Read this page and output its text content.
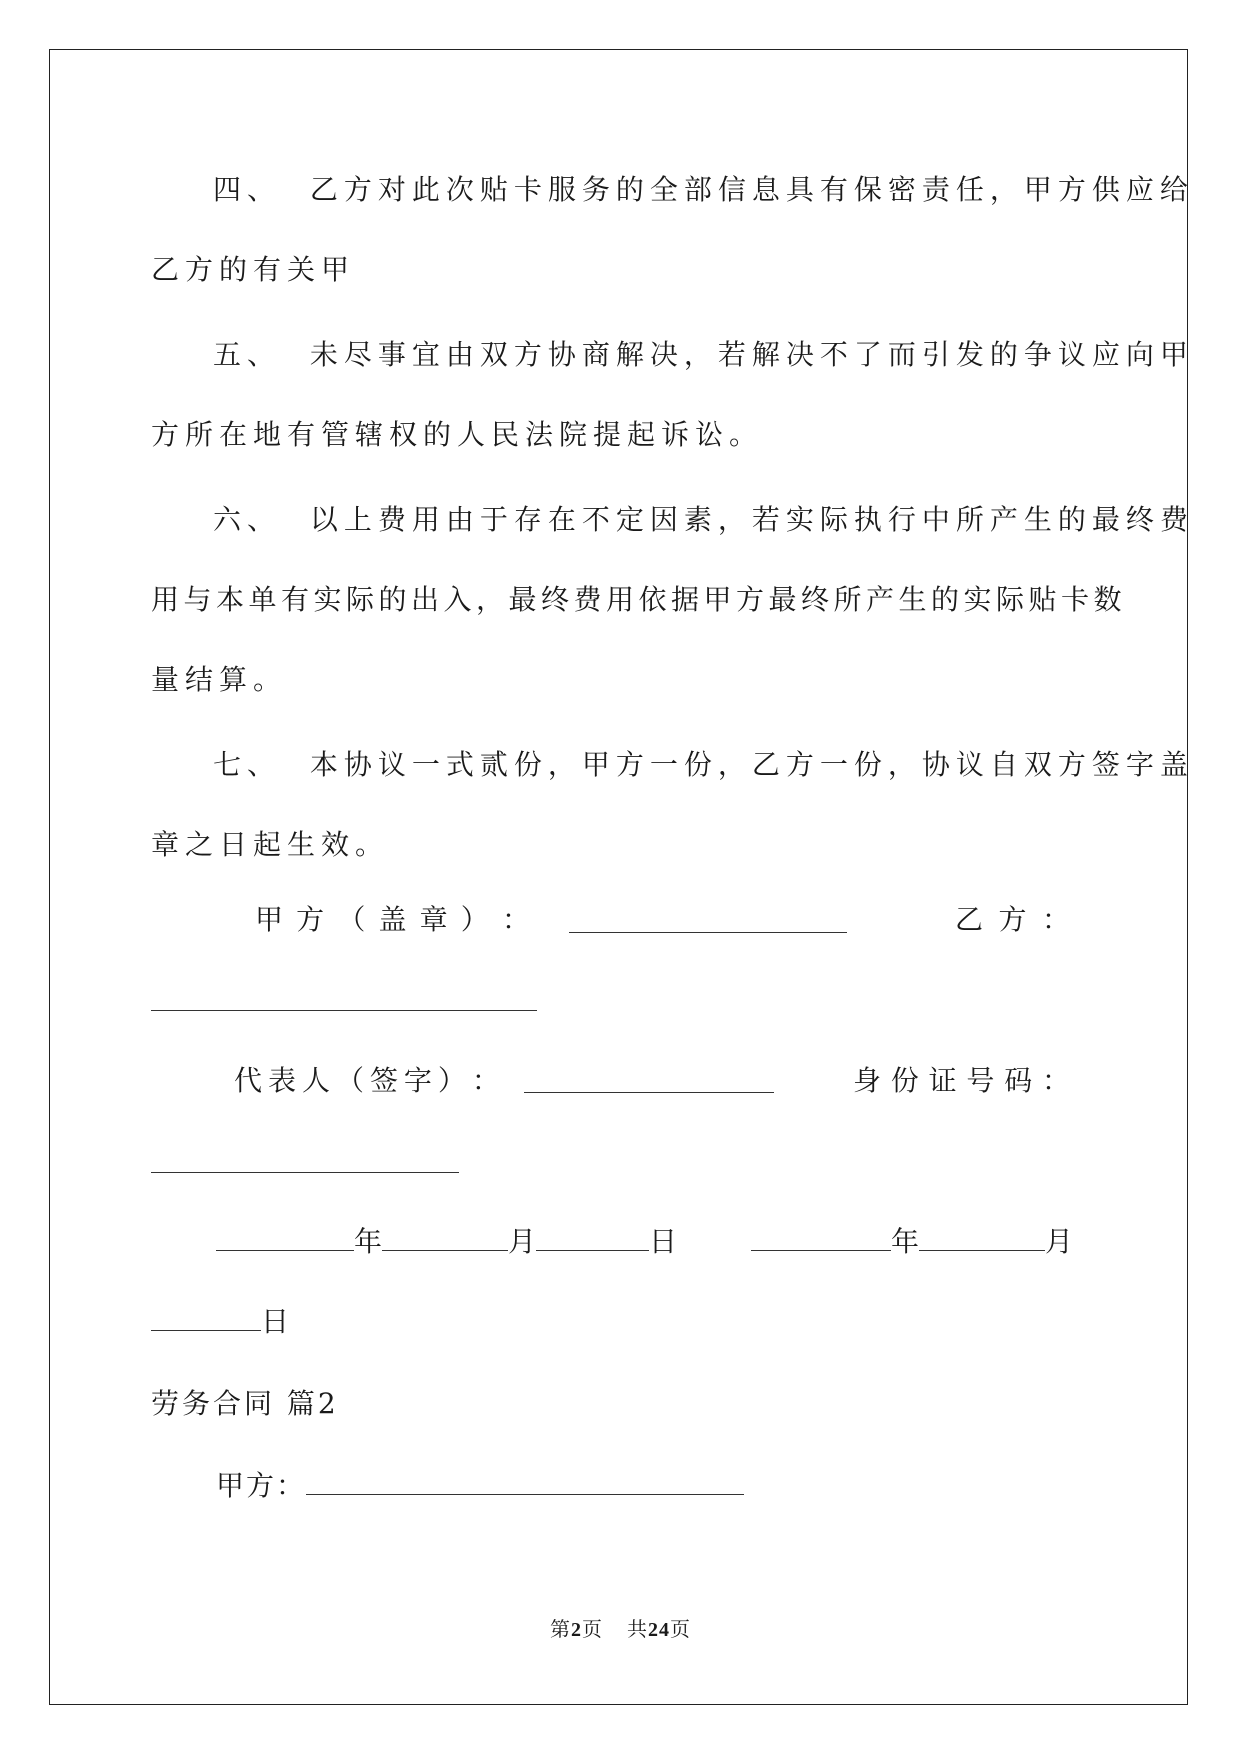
四、 乙方对此次贴卡服务的全部信息具有保密责任，甲方供应给
乙方的有关甲
五、 未尽事宜由双方协商解决，若解决不了而引发的争议应向甲
方所在地有管辖权的人民法院提起诉讼。
六、 以上费用由于存在不定因素，若实际执行中所产生的最终费
用与本单有实际的出入，最终费用依据甲方最终所产生的实际贴卡数
量结算。
七、 本协议一式贰份，甲方一份，乙方一份，协议自双方签字盖
章之日起生效。
甲 方 （ 盖 章 ） ：	乙 方 ：
代 表 人 （ 签 字 ） ：	身 份 证 号 码 ：
年	月	日	年	月
日
劳务合同 篇2
甲方：
第2页 共24页
